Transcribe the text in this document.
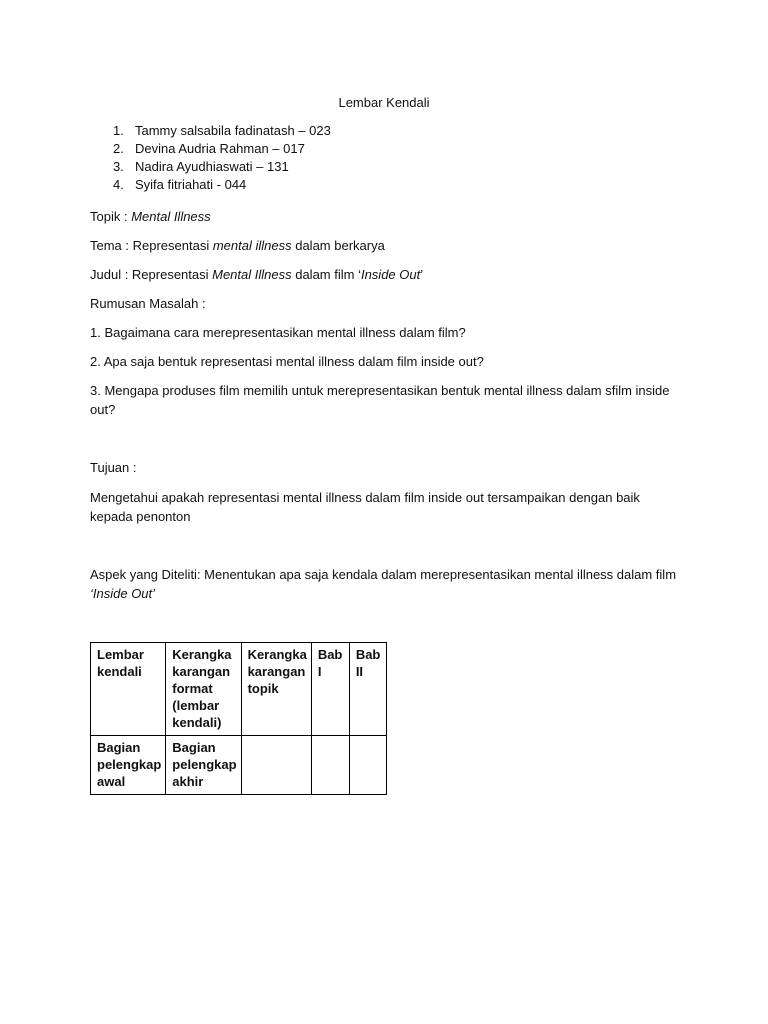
Lembar Kendali
1. Tammy salsabila fadinatash – 023
2. Devina Audria Rahman – 017
3. Nadira Ayudhiaswati – 131
4. Syifa fitriahati - 044
Topik : Mental Illness
Tema : Representasi mental illness dalam berkarya
Judul : Representasi Mental Illness dalam film ‘Inside Out’
Rumusan Masalah :
1. Bagaimana cara merepresentasikan mental illness dalam film?
2. Apa saja bentuk representasi mental illness dalam film inside out?
3. Mengapa produses film memilih untuk merepresentasikan bentuk mental illness dalam sfilm inside out?
Tujuan :
Mengetahui apakah representasi mental illness dalam film inside out tersampaikan dengan baik kepada penonton
Aspek yang Diteliti: Menentukan apa saja kendala dalam merepresentasikan mental illness dalam film ‘Inside Out’
Lembar kendali	Kerangka karangan format (lembar kendali)	Kerangka karangan topik	Bab I	Bab II
Bagian pelengkap awal	Bagian pelengkap akhir			
